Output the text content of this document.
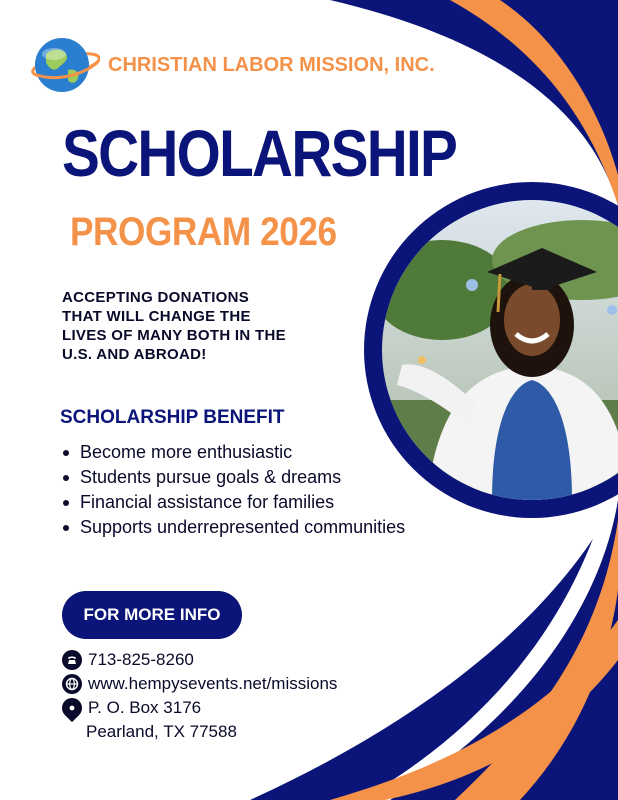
CHRISTIAN LABOR MISSION, INC.
SCHOLARSHIP
PROGRAM 2026
ACCEPTING DONATIONS THAT WILL CHANGE THE LIVES OF MANY BOTH IN THE U.S. AND ABROAD!
SCHOLARSHIP BENEFIT
Become more enthusiastic
Students pursue goals & dreams
Financial assistance for families
Supports underrepresented communities
FOR MORE INFO
713-825-8260
www.hempysevents.net/missions
P. O. Box 3176
Pearland, TX 77588
